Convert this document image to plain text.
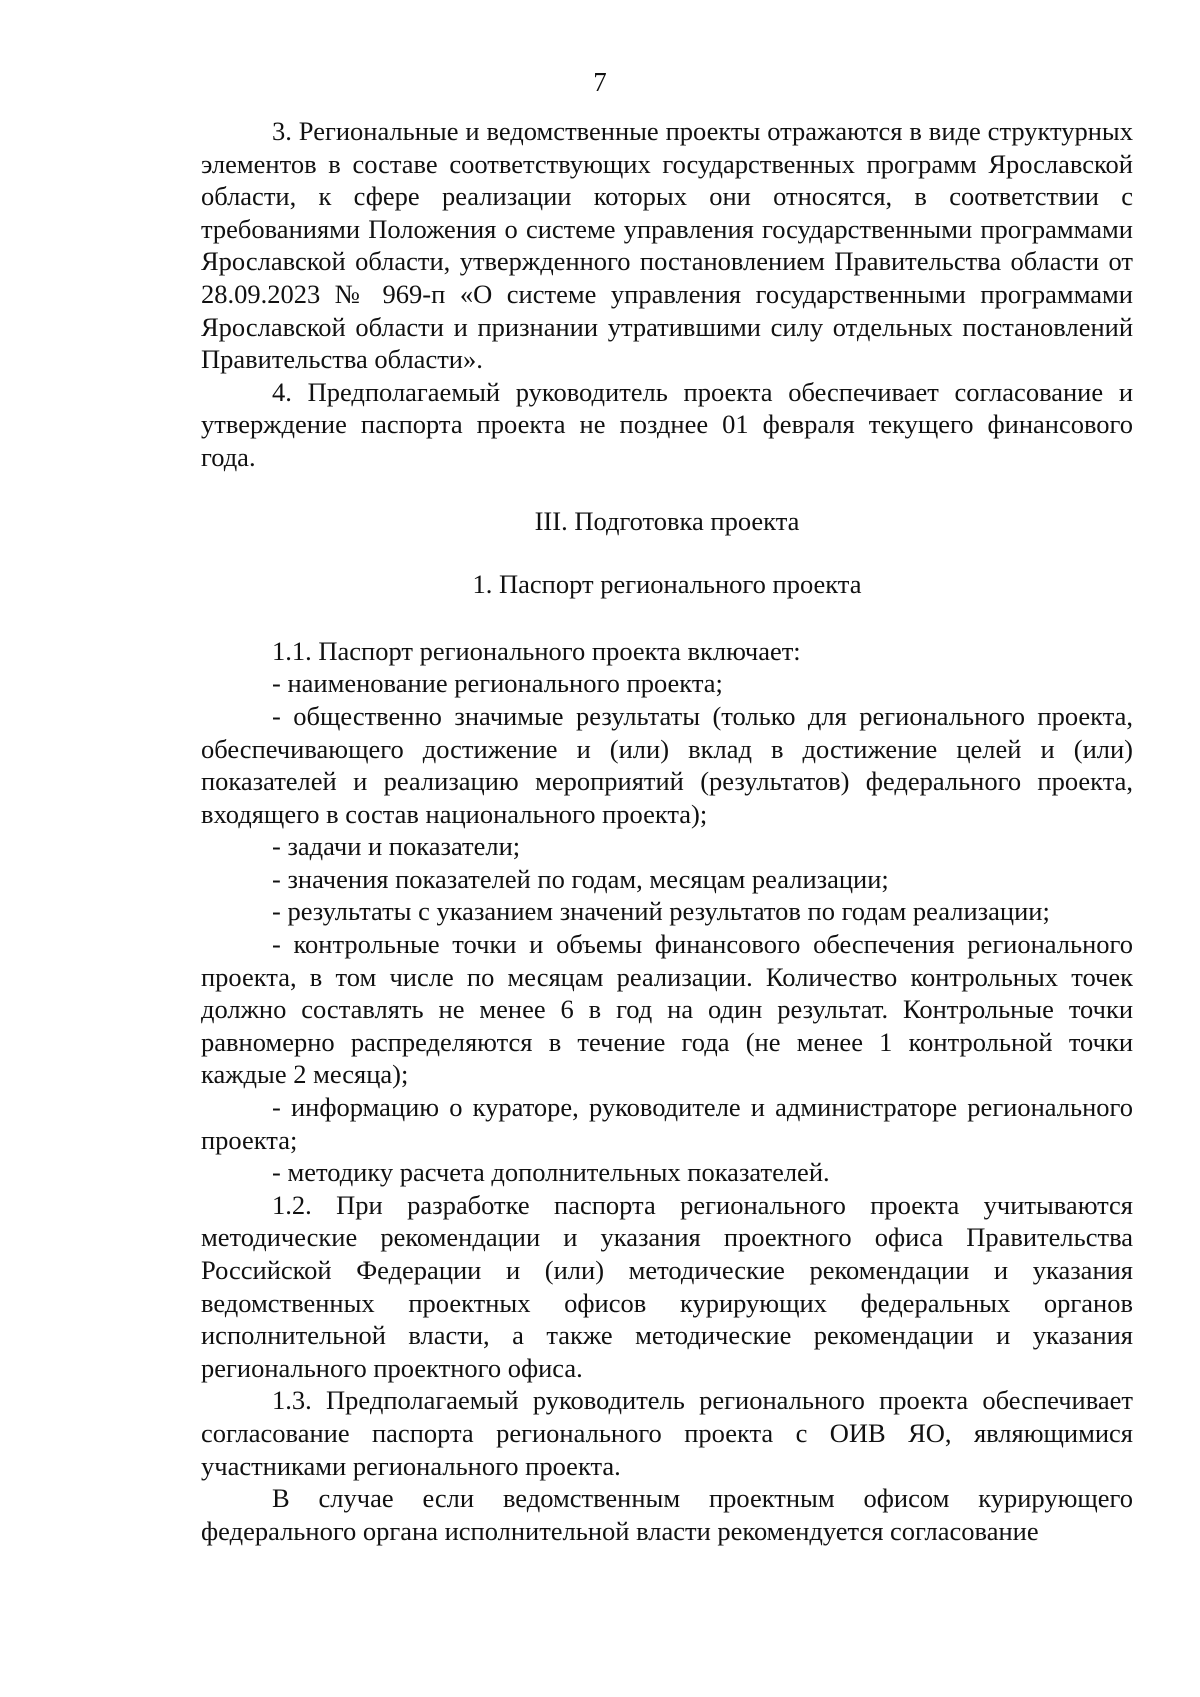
7

3. Региональные и ведомственные проекты отражаются в виде структурных элементов в составе соответствующих государственных программ Ярославской области, к сфере реализации которых они относятся, в соответствии с требованиями Положения о системе управления государственными программами Ярославской области, утвержденного постановлением Правительства области от 28.09.2023 № 969-п «О системе управления государственными программами Ярославской области и признании утратившими силу отдельных постановлений Правительства области».

4. Предполагаемый руководитель проекта обеспечивает согласование и утверждение паспорта проекта не позднее 01 февраля текущего финансового года.

III. Подготовка проекта

1. Паспорт регионального проекта

1.1. Паспорт регионального проекта включает:

- наименование регионального проекта;

- общественно значимые результаты (только для регионального проекта, обеспечивающего достижение и (или) вклад в достижение целей и (или) показателей и реализацию мероприятий (результатов) федерального проекта, входящего в состав национального проекта);

- задачи и показатели;

- значения показателей по годам, месяцам реализации;

- результаты с указанием значений результатов по годам реализации;

- контрольные точки и объемы финансового обеспечения регионального проекта, в том числе по месяцам реализации. Количество контрольных точек должно составлять не менее 6 в год на один результат. Контрольные точки равномерно распределяются в течение года (не менее 1 контрольной точки каждые 2 месяца);

- информацию о кураторе, руководителе и администраторе регионального проекта;

- методику расчета дополнительных показателей.

1.2. При разработке паспорта регионального проекта учитываются методические рекомендации и указания проектного офиса Правительства Российской Федерации и (или) методические рекомендации и указания ведомственных проектных офисов курирующих федеральных органов исполнительной власти, а также методические рекомендации и указания регионального проектного офиса.

1.3. Предполагаемый руководитель регионального проекта обеспечивает согласование паспорта регионального проекта с ОИВ ЯО, являющимися участниками регионального проекта.

В случае если ведомственным проектным офисом курирующего федерального органа исполнительной власти рекомендуется согласование
